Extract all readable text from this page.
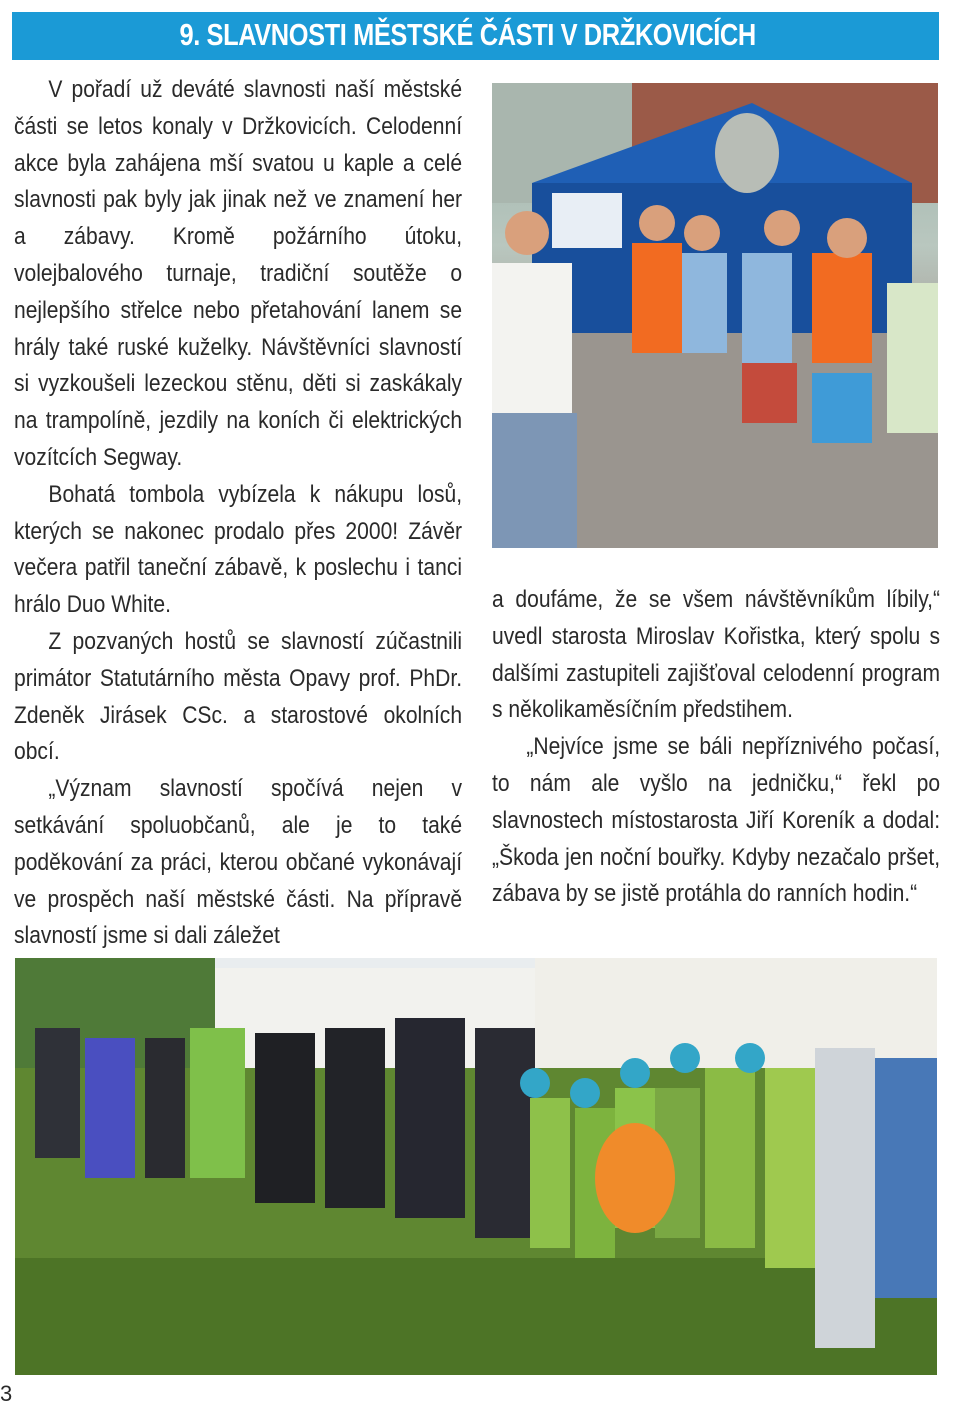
9. SLAVNOSTI MĚSTSKÉ ČÁSTI V DRŽKOVICÍCH

V pořadí už deváté slavnosti naší městské části se letos konaly v Držkovicích. Celodenní akce byla zahájena mší svatou u kaple a celé slavnosti pak byly jak jinak než ve znamení her a zábavy. Kromě požárního útoku, volejbalového turnaje, tradiční soutěže o nejlepšího střelce nebo přetahování lanem se hrály také ruské kuželky. Návštěvníci slavností si vyzkoušeli lezeckou stěnu, děti si zaskákaly na trampolíně, jezdily na koních či elektrických vozítcích Segway.

Bohatá tombola vybízela k nákupu losů, kterých se nakonec prodalo přes 2000! Závěr večera patřil taneční zábavě, k poslechu i tanci hrálo Duo White.

Z pozvaných hostů se slavností zúčastnili primátor Statutárního města Opavy prof. PhDr. Zdeněk Jirásek CSc. a starostové okolních obcí.

„Význam slavností spočívá nejen v setkávání spoluobčanů, ale je to také poděkování za práci, kterou občané vykonávají ve prospěch naší městské části. Na přípravě slavností jsme si dali záležet

a doufáme, že se všem návštěvníkům líbily,“ uvedl starosta Miroslav Kořistka, který spolu s dalšími zastupiteli zajišťoval celodenní program s několikaměsíčním předstihem.

„Nejvíce jsme se báli nepříznivého počasí, to nám ale vyšlo na jedničku,“ řekl po slavnostech místostarosta Jiří Koreník a dodal: „Škoda jen noční bouřky. Kdyby nezačalo pršet, zábava by se jistě protáhla do ranních hodin.“

3
